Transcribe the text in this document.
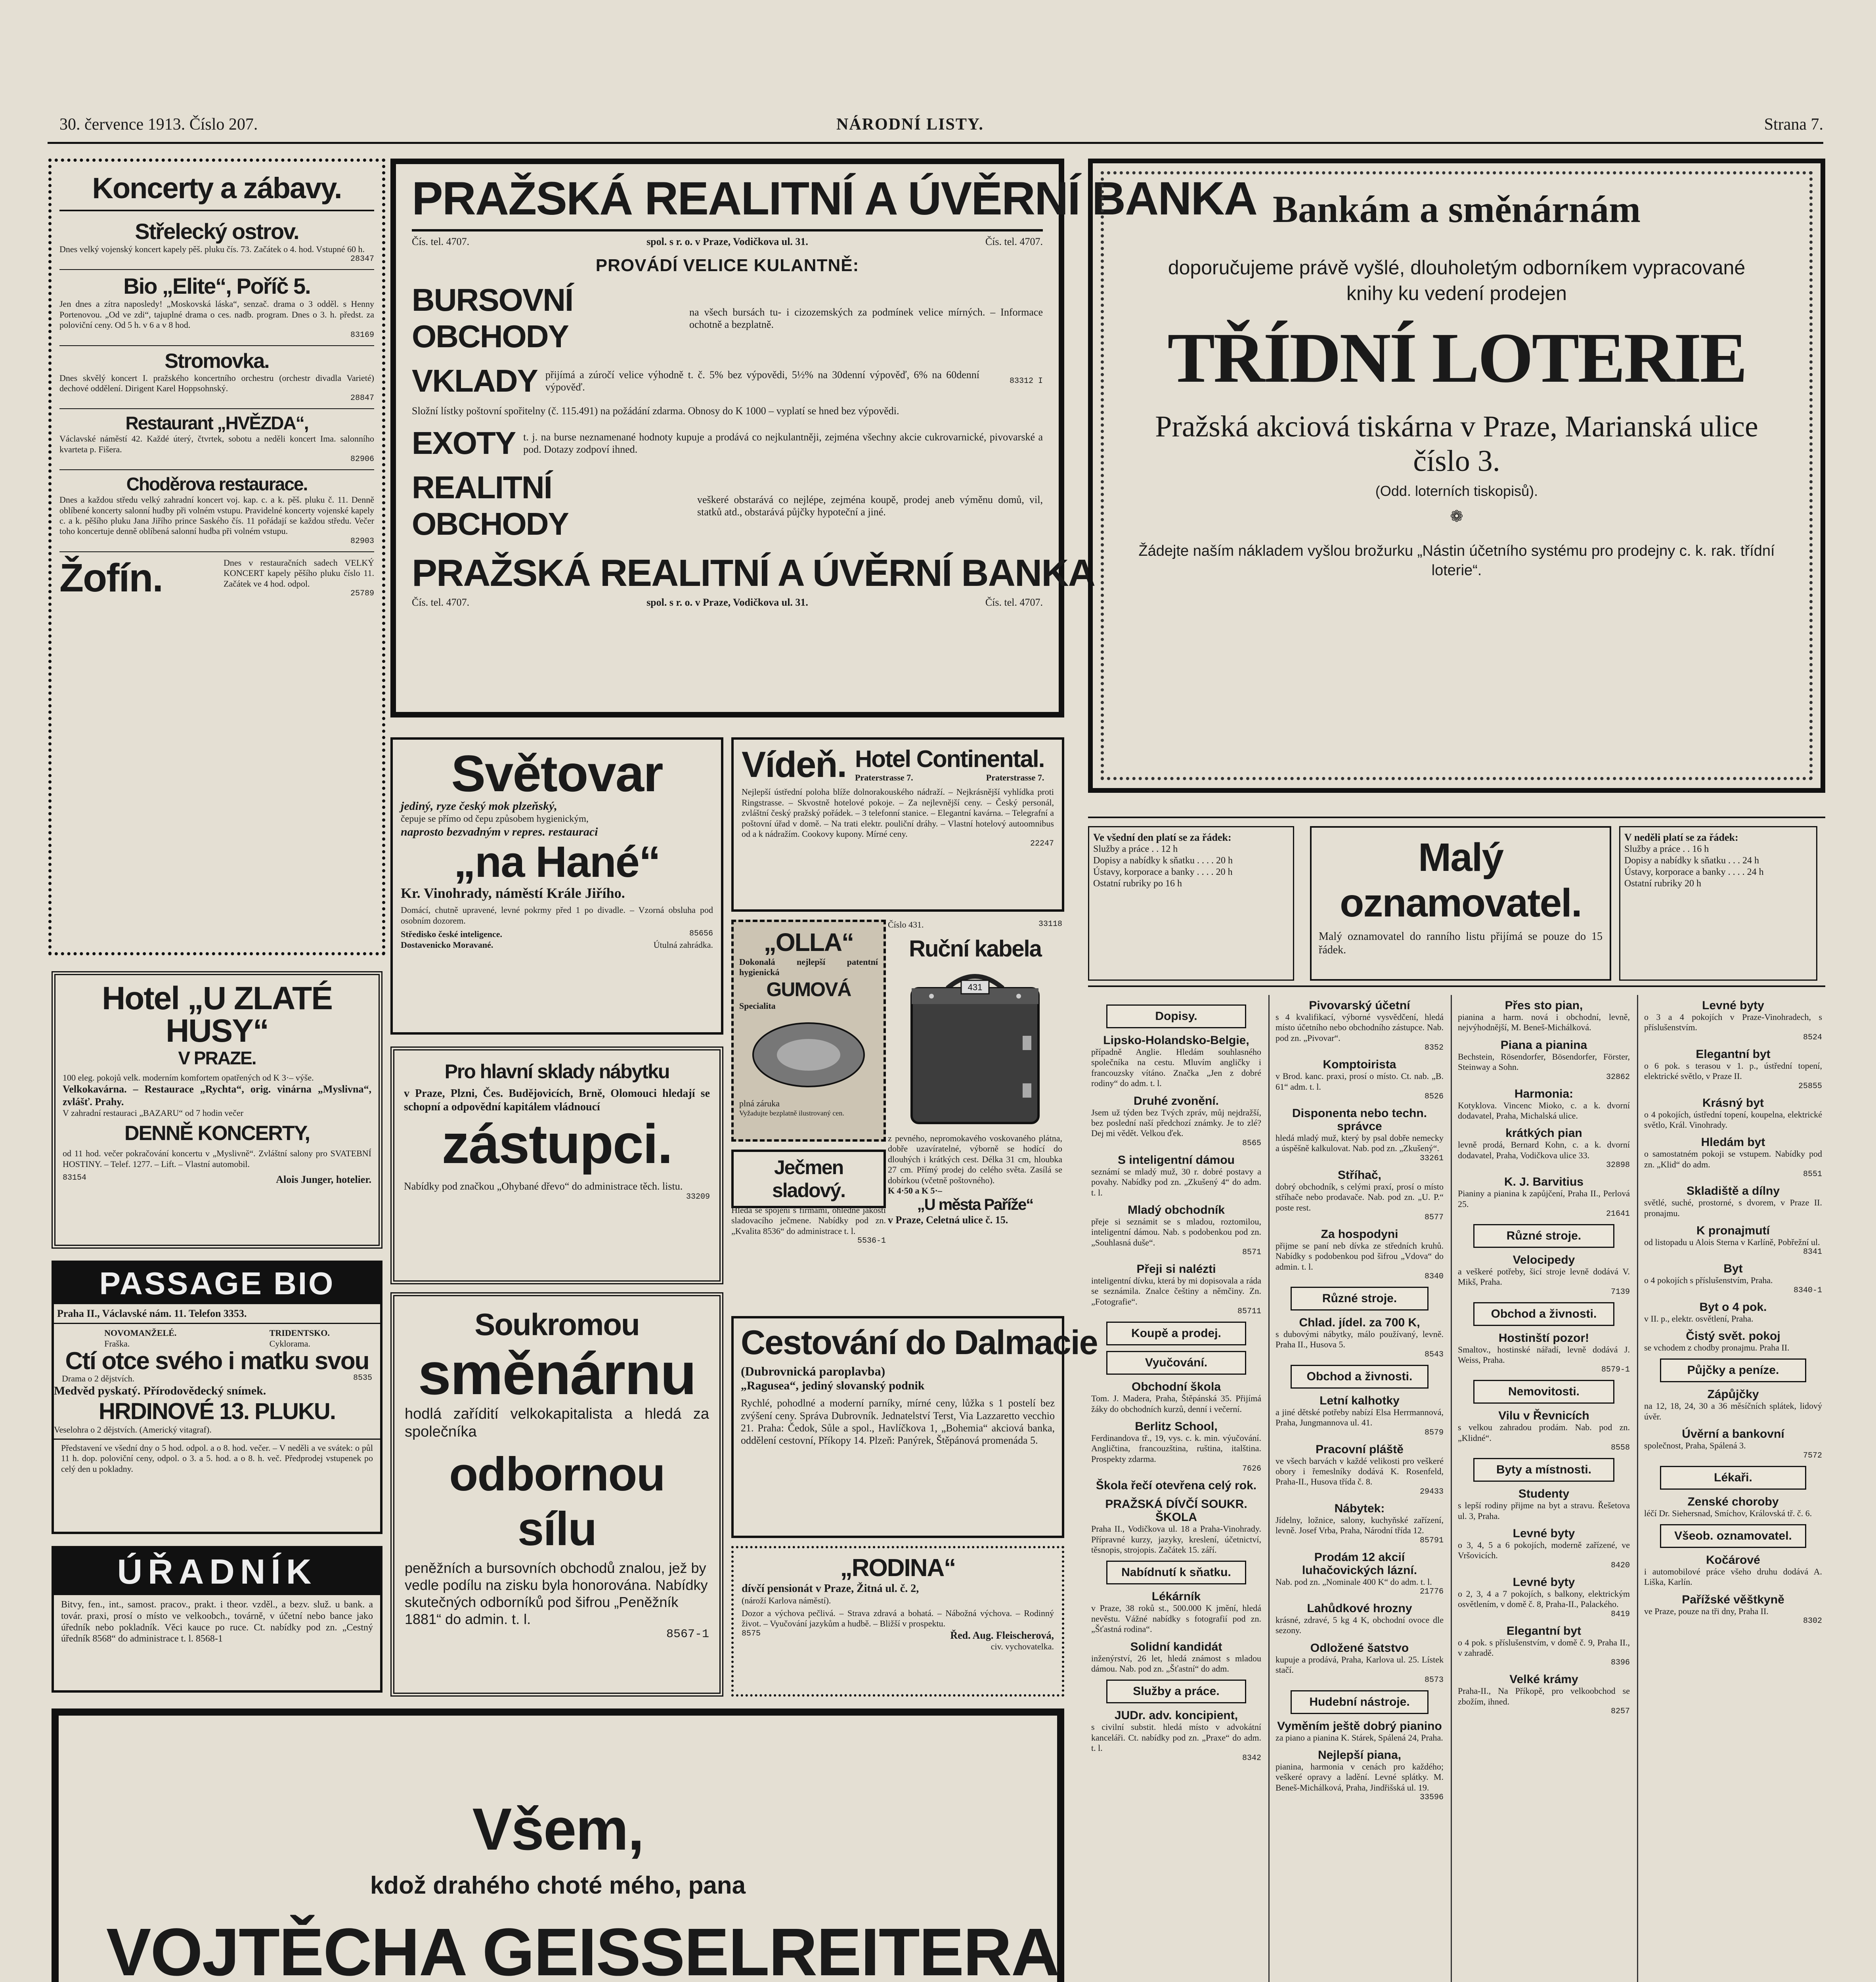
30. července 1913. Číslo 207.	NÁRODNÍ LISTY.	Strana 7.
Koncerty a zábavy.
Střelecký ostrov.
Dnes velký vojenský koncert kapely pěš. pluku čís. 73. Začátek o 4. hod. Vstupné 60 h.
28347
Bio „Elite“, Poříč 5.
Jen dnes a zítra naposledy! „Moskovská láska“, senzač. drama o 3 odděl. s Henny Portenovou. „Od ve zdi“, tajuplné drama o ces. nadb. program. Dnes o 3. h. předst. za poloviční ceny. Od 5 h. v 6 a v 8 hod.
83169
Stromovka.
Dnes skvělý koncert I. pražského koncertního orchestru (orchestr divadla Varieté) dechové oddělení. Dirigent Karel Hoppsohnský.
28847
Restaurant „HVĚZDA“,
Václavské náměstí 42. Každé úterý, čtvrtek, sobotu a neděli koncert Ima. salonního kvarteta p. Fišera.
82906
Choděrova restaurace.
Dnes a každou středu velký zahradní koncert voj. kap. c. a k. pěš. pluku č. 11. Denně oblíbené koncerty salonní hudby při volném vstupu. Pravidelné koncerty vojenské kapely c. a k. pěšího pluku Jana Jiřího prince Saského čís. 11 pořádají se každou středu. Večer toho koncertuje denně oblíbená salonní hudba při volném vstupu.
82903
Žofín.	Dnes v restauračních sadech VELKÝ KONCERT kapely pěšího pluku číslo 11. Začátek ve 4 hod. odpol.
25789
Hotel „U ZLATÉ HUSY“
V PRAZE.
100 eleg. pokojů velk. moderním komfortem opatřených od K 3·– výše.
Velkokavárna. – Restaurace „Rychta“, orig. vinárna „Myslivna“, zvlášť. Prahy.
V zahradní restauraci „BAZARU“ od 7 hodin večer
DENNĚ KONCERTY,
od 11 hod. večer pokračování koncertu v „Myslivně“. Zvláštní salony pro SVATEBNÍ HOSTINY. – Telef. 1277. – Lift. – Vlastní automobil.
83154	Alois Junger, hotelier.
PASSAGE BIO
Praha II., Václavské nám. 11. Telefon 3353.
NOVOMANŽELÉ.
Fraška.
TRIDENTSKO.
Cyklorama.
Ctí otce svého i matku svou
Drama o 2 dějstvích.	8535
Medvěd pyskatý. Přírodovědecký snímek.
HRDINOVÉ 13. PLUKU.
Veselohra o 2 dějstvích. (Americký vitagraf).
Představení ve všední dny o 5 hod. odpol. a o 8. hod. večer. – V neděli a ve svátek: o půl 11 h. dop. poloviční ceny, odpol. o 3. a 5. hod. a o 8. h. več. Předprodej vstupenek po celý den u pokladny.
ÚŘADNÍK
Bitvy, fen., int., samost. pracov., prakt. i theor. vzděl., a bezv. služ. u bank. a továr. praxi, prosí o místo ve velkoobch., továrně, v účetní nebo bance jako úředník nebo pokladník. Věci kauce po ruce. Ct. nabídky pod zn. „Cestný úředník 8568“ do administrace t. l. 8568-1
PRAŽSKÁ REALITNÍ A ÚVĚRNÍ BANKA
Čís. tel. 4707.	spol. s r. o. v Praze, Vodičkova ul. 31.	Čís. tel. 4707.
PROVÁDÍ VELICE KULANTNĚ:
BURSOVNÍ OBCHODY
na všech bursách tu- i cizozemských za podmínek velice mírných. – Informace ochotně a bezplatně.
VKLADY přijímá a zúročí velice výhodně t. č. 5% bez výpovědi, 5½% na 30denní výpověď, 6% na 60denní výpověď.
83312 I
Složní lístky poštovní spořitelny (č. 115.491) na požádání zdarma. Obnosy do K 1000 – vyplatí se hned bez výpovědi.
EXOTY t. j. na burse neznamenané hodnoty kupuje a prodává co nejkulantněji, zejména všechny akcie cukrovarnické, pivovarské a pod. Dotazy zodpoví ihned.
REALITNÍ OBCHODY
veškeré obstarává co nejlépe, zejména koupě, prodej aneb výměnu domů, vil, statků atd., obstarává půjčky hypoteční a jiné.
PRAŽSKÁ REALITNÍ A ÚVĚRNÍ BANKA
Čís. tel. 4707.	spol. s r. o. v Praze, Vodičkova ul. 31.	Čís. tel. 4707.
Světovar
jediný, ryze český mok plzeňský,
čepuje se přímo od čepu způsobem hygienickým,
naprosto bezvadným v repres. restauraci
„na Hané“
Kr. Vinohrady, náměstí Krále Jiřího.
Domácí, chutně upravené, levné pokrmy před 1 po divadle. – Vzorná obsluha pod osobním dozorem.
Středisko české inteligence.	85656
Dostavenicko Moravané.	Útulná zahrádka.
Vídeň. Hotel Continental.
Praterstrasse 7.	Praterstrasse 7.
Nejlepší ústřední poloha blíže dolnorakouského nádraží. – Nejkrásnější vyhlídka proti Ringstrasse. – Skvostně hotelové pokoje. – Za nejlevnější ceny. – Český personál, zvláštní český pražský pořádek. – 3 telefonní stanice. – Elegantní kavárna. – Telegrafní a poštovní úřad v domě. – Na trati elektr. pouliční dráhy. – Vlastní hotelový autoomnibus od a k nádražím. Cookovy kupony. Mírné ceny.
22247
Pro hlavní sklady nábytku
v Praze, Plzni, Čes. Budějovicích, Brně, Olomouci hledají se schopní a odpovědní kapitálem vládnoucí
zástupci.
Nabídky pod značkou „Ohybané dřevo“ do administrace těch. listu.
33209
„OLLA“
Dokonalá nejlepší patentní hygienická
GUMOVÁ
Specialita
plná záruka
Vyžadujte bezplatně ilustrovaný cen.
Ječmen sladový.
Hledá se spojení s firmami, ohledně jakosti sladovacího ječmene. Nabídky pod zn. „Kvalita 8536“ do administrace t. l.
5536-1
Číslo 431.	33118
Ruční kabela
431
z pevného, nepromokavého voskovaného plátna, dobře uzavíratelné, výborně se hodící do dlouhých i krátkých cest. Délka 31 cm, hloubka 27 cm. Přímý prodej do celého světa. Zasílá se dobírkou (včetně poštovného).
K 4·50 a K 5·–
„U města Paříže“
v Praze, Celetná ulice č. 15.
Soukromou
směnárnu
hodlá zařídití velkokapitalista a hledá za společníka
odbornou sílu
peněžních a bursovních obchodů znalou, jež by vedle podílu na zisku byla honorována. Nabídky skutečných odborníků pod šifrou „Peněžník 1881“ do admin. t. l.
8567-1
Cestování do Dalmacie
(Dubrovnická paroplavba)
„Ragusea“, jediný slovanský podnik
Rychlé, pohodlné a moderní parníky, mírné ceny, lůžka s 1 postelí bez zvýšení ceny. Správa Dubrovník. Jednatelství Terst, Via Lazzaretto vecchio 21. Praha: Čedok, Sůle a spol., Havlíčkova 1, „Bohemia“ akciová banka, oddělení cestovní, Příkopy 14. Plzeň: Panýrek, Štěpánová promenáda 5.
„RODINA“
dívčí pensionát v Praze, Žitná ul. č. 2,
(nároží Karlova náměstí).
Dozor a výchova pečlivá. – Strava zdravá a bohatá. – Nábožná výchova. – Rodinný život. – Vyučování jazykům a hudbě. – Bližší v prospektu.
8575	Řed. Aug. Fleischerová,
civ. vychovatelka.
Všem,
kdož drahého choté mého, pana
VOJTĚCHA GEISSELREITERA
Bankám a směnárnám
doporučujeme právě vyšlé, dlouholetým odborníkem vypracované knihy ku vedení prodejen
TŘÍDNÍ LOTERIE
Pražská akciová tiskárna v Praze, Marianská ulice číslo 3.
(Odd. loterních tiskopisů).
❁
Žádejte naším nákladem vyšlou brožurku „Nástin účetního systému pro prodejny c. k. rak. třídní loterie“.
Ve všední den platí se za řádek:
Služby a práce . . 12 h
Dopisy a nabídky k sňatku . . . . 20 h
Ústavy, korporace a banky . . . . 20 h
Ostatní rubriky po 16 h
Malý oznamovatel.
Malý oznamovatel do ranního listu přijímá se pouze do 15 řádek.
V neděli platí se za řádek:
Služby a práce . . 16 h
Dopisy a nabídky k sňatku . . . 24 h
Ústavy, korporace a banky . . . . 24 h
Ostatní rubriky 20 h
Dopisy.
Lipsko-Holandsko-Belgie,
případně Anglie. Hledám souhlasného společníka na cestu. Mluvím angličky i francouzsky vítáno. Značka „Jen z dobré rodiny“ do adm. t. l.
Druhé zvonění.
Jsem už týden bez Tvých zpráv, můj nejdražší, bez poslední naší předchozí známky. Je to zlé? Dej mi vědět. Velkou ďek.
8565
S inteligentní dámou
seznámí se mladý muž, 30 r. dobré postavy a povahy. Nabídky pod zn. „Zkušený 4“ do adm. t. l.
Mladý obchodník
přeje si seznámit se s mladou, roztomilou, inteligentní dámou. Nab. s podobenkou pod zn. „Souhlasná duše“.
8571
Přeji si nalézti
inteligentní dívku, která by mi dopisovala a ráda se seznámila. Znalce češtiny a němčiny. Zn. „Fotografie“.
85711
Koupě a prodej.
Vyučování.
Obchodní škola
Tom. J. Madera, Praha, Štěpánská 35. Přijímá žáky do obchodních kurzů, denní i večerní.
Berlitz School,
Ferdinandova tř., 19, vys. c. k. min. výučování. Angličtina, francouzština, ruština, italština. Prospekty zdarma.
7626
Škola řečí otevřena celý rok.
PRAŽSKÁ DÍVČÍ SOUKR. ŠKOLA
Praha II., Vodičkova ul. 18 a Praha-Vinohrady. Přípravné kurzy, jazyky, kreslení, účetnictví, těsnopis, strojopis. Začátek 15. září.
Nabídnutí k sňatku.
Lékárník
v Praze, 38 roků st., 500.000 K jmění, hledá nevěstu. Vážné nabídky s fotografií pod zn. „Šťastná rodina“.
Solidní kandidát
inženýrství, 26 let, hledá známost s mladou dámou. Nab. pod zn. „Šťastní“ do adm.
Služby a práce.
JUDr. adv. koncipient,
s civilní substit. hledá místo v advokátní kanceláři. Ct. nabídky pod zn. „Praxe“ do adm. t. l.
8342
Pivovarský účetní
s 4 kvalifikací, výborné vysvědčení, hledá místo účetního nebo obchodního zástupce. Nab. pod zn. „Pivovar“.
8352
Komptoirista
v Brod. kanc. praxi, prosí o místo. Ct. nab. „B. 61“ adm. t. l.
8526
Disponenta nebo techn. správce
hledá mladý muž, který by psal dobře nemecky a úspěšně kalkulovat. Nab. pod zn. „Zkušený“.
33261
Stříhač,
dobrý obchodník, s celými praxí, prosí o místo stříhače nebo prodavače. Nab. pod zn. „U. P.“ poste rest.
8577
Za hospodyni
přijme se paní neb dívka ze středních kruhů. Nabídky s podobenkou pod šifrou „Vdova“ do admin. t. l.
8340
Různé stroje.
Chlad. jídel. za 700 K,
s dubovými nábytky, málo používaný, levně. Praha II., Husova 5.
8543
Obchod a živnosti.
Letní kalhotky
a jiné dětské potřeby nabízí Elsa Herrmannová, Praha, Jungmannova ul. 41.
8579
Pracovní pláště
ve všech barvách v každé velikosti pro veškeré obory i řemeslníky dodává K. Rosenfeld, Praha-II., Husova třída č. 8.
29433
Nábytek:
Jídelny, ložnice, salony, kuchyňské zařízení, levně. Josef Vrba, Praha, Národní třída 12.
85791
Prodám 12 akcií luhačovických lázní.
Nab. pod zn. „Nominale 400 K“ do adm. t. l.
21776
Lahůdkové hrozny
krásné, zdravé, 5 kg 4 K, obchodní ovoce dle sezony.
Odložené šatstvo
kupuje a prodává, Praha, Karlova ul. 25. Lístek stačí.
8573
Hudební nástroje.
Vyměním ještě dobrý pianino
za piano a pianina K. Stárek, Spálená 24, Praha.
Nejlepší piana,
pianina, harmonia v cenách pro každého; veškeré opravy a ladění. Levné splátky. M. Beneš-Michálková, Praha, Jindřišská ul. 19.
33596
Přes sto pian,
pianina a harm. nová i obchodní, levně, nejvýhodnější, M. Beneš-Michálková.
Piana a pianina
Bechstein, Rösendorfer, Bösendorfer, Förster, Steinway a Sohn.
32862
Harmonia:
Kotyklova. Vincenc Mioko, c. a k. dvorní dodavatel, Praha, Michalská ulice.
krátkých pian
levně prodá, Bernard Kohn, c. a k. dvorní dodavatel, Praha, Vodičkova ulice 33.
32898
K. J. Barvitius
Pianiny a pianina k zapůjčení, Praha II., Perlová 25.
21641
Různé stroje.
Velocipedy
a veškeré potřeby, šicí stroje levně dodává V. Mikš, Praha.
7139
Obchod a živnosti.
Hostinští pozor!
Smaltov., hostinské nářadí, levně dodává J. Weiss, Praha.
8579-1
Nemovitosti.
Vilu v Řevnicích
s velkou zahradou prodám. Nab. pod zn. „Klidné“.
8558
Byty a místnosti.
Studenty
s lepší rodiny přijme na byt a stravu. Řešetova ul. 3, Praha.
Levné byty
o 3, 4, 5 a 6 pokojích, moderně zařízené, ve Vršovicích.
8420
Levné byty
o 2, 3, 4 a 7 pokojích, s balkony, elektrickým osvětlením, v domě č. 8, Praha-II., Palackého.
8419
Elegantní byt
o 4 pok. s příslušenstvím, v domě č. 9, Praha II., v zahradě.
8396
Velké krámy
Praha-II., Na Příkopě, pro velkoobchod se zbožím, ihned.
8257
Levné byty
o 3 a 4 pokojích v Praze-Vinohradech, s příslušenstvím.
8524
Elegantní byt
o 6 pok. s terasou v 1. p., ústřední topení, elektrické světlo, v Praze II.
25855
Krásný byt
o 4 pokojích, ústřední topení, koupelna, elektrické světlo, Král. Vinohrady.
Hledám byt
o samostatném pokoji se vstupem. Nabídky pod zn. „Klid“ do adm.
8551
Skladiště a dílny
světlé, suché, prostorné, s dvorem, v Praze II. pronajmu.
K pronajmutí
od listopadu u Alois Sterna v Karlíně, Pobřežní ul.
8341
Byt
o 4 pokojích s příslušenstvím, Praha.
8340-1
Byt o 4 pok.
v II. p., elektr. osvětlení, Praha.
Čistý svět. pokoj
se vchodem z chodby pronajmu. Praha II.
Půjčky a peníze.
Zápůjčky
na 12, 18, 24, 30 a 36 měsíčních splátek, lidový úvěr.
Úvěrní a bankovní
společnost, Praha, Spálená 3.
7572
Lékaři.
Zenské choroby
léčí Dr. Siehersnad, Smíchov, Královská tř. č. 6.
Všeob. oznamovatel.
Kočárové
i automobilové práce všeho druhu dodává A. Liška, Karlín.
Pařížské věštkyně
ve Praze, pouze na tři dny, Praha II.
8302
